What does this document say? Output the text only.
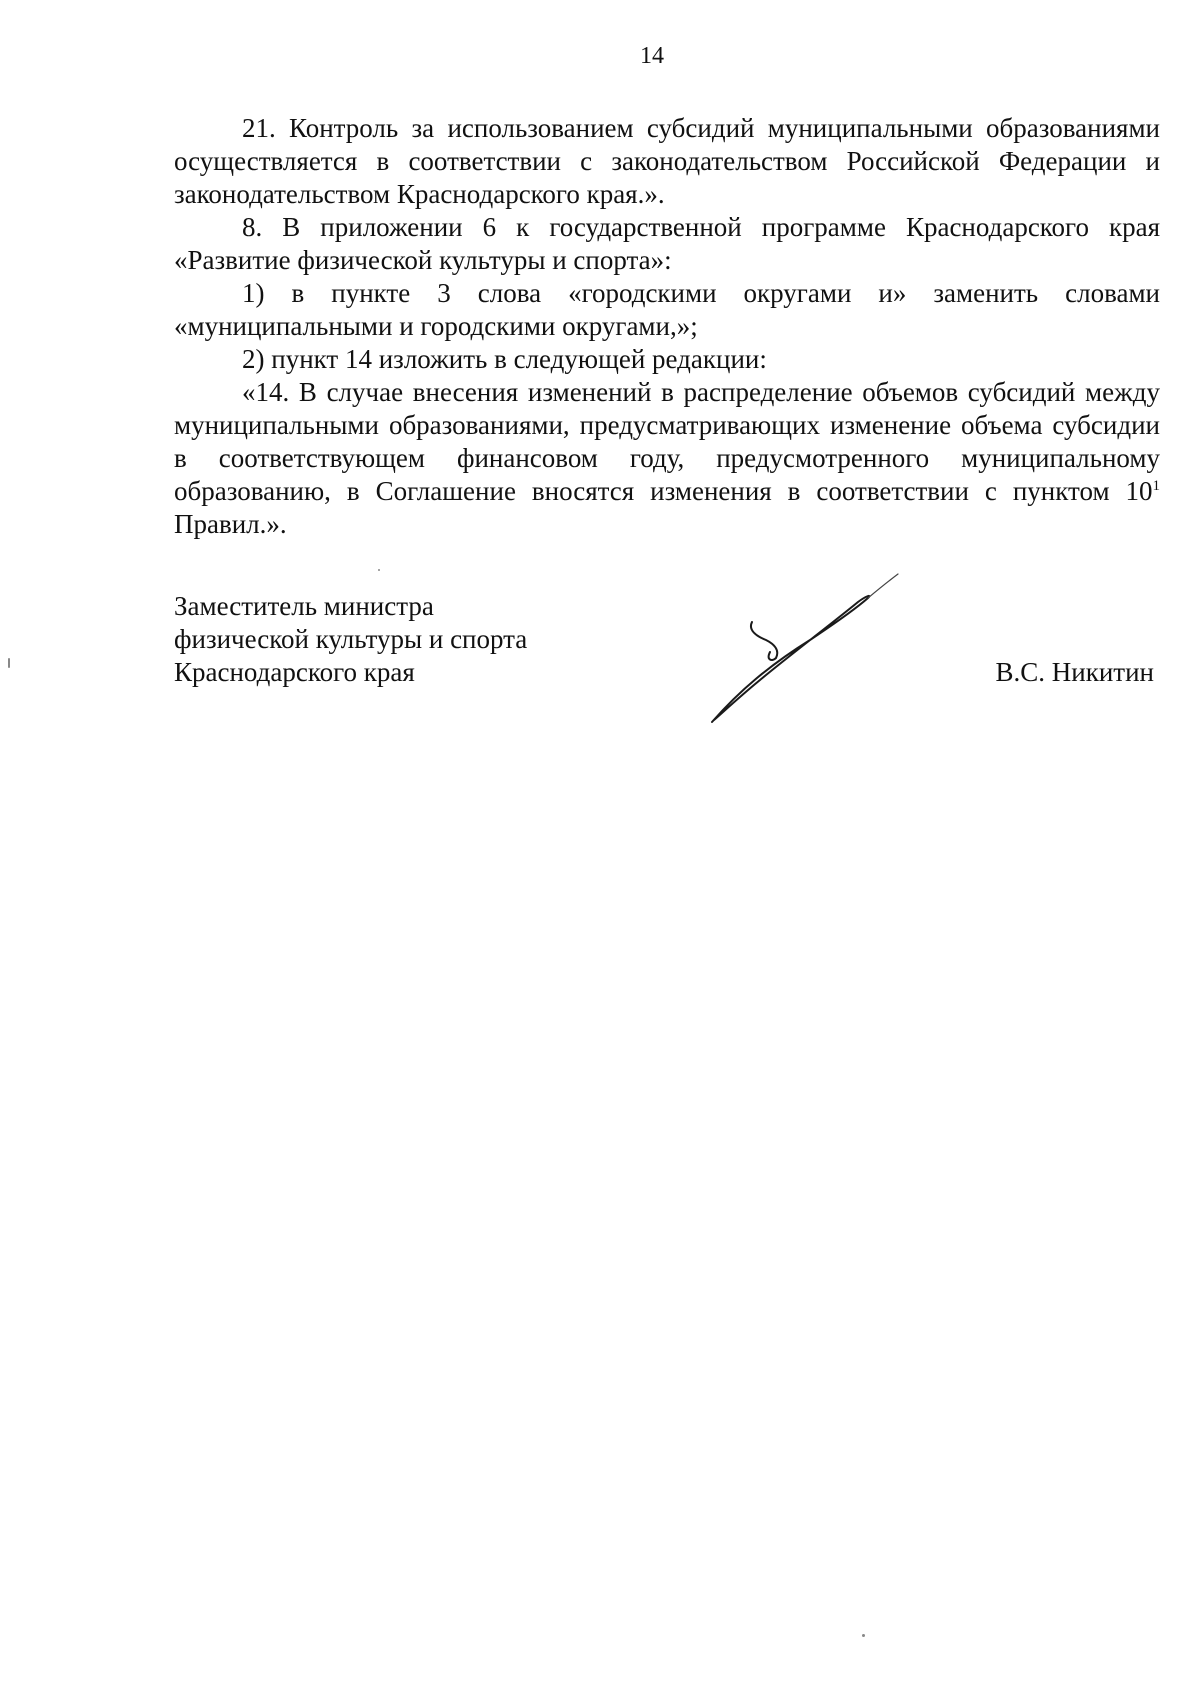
14

21. Контроль за использованием субсидий муниципальными образованиями осуществляется в соответствии с законодательством Российской Федерации и законодательством Краснодарского края.».

8. В приложении 6 к государственной программе Краснодарского края «Развитие физической культуры и спорта»:

1) в пункте 3 слова «городскими округами и» заменить словами «муниципальными и городскими округами,»;

2) пункт 14 изложить в следующей редакции:

«14. В случае внесения изменений в распределение объемов субсидий между муниципальными образованиями, предусматривающих изменение объема субсидии в соответствующем финансовом году, предусмотренного муниципальному образованию, в Соглашение вносятся изменения в соответствии с пунктом $10^1$ Правил.».

Заместитель министра
физической культуры и спорта
Краснодарского края	В.С. Никитин
